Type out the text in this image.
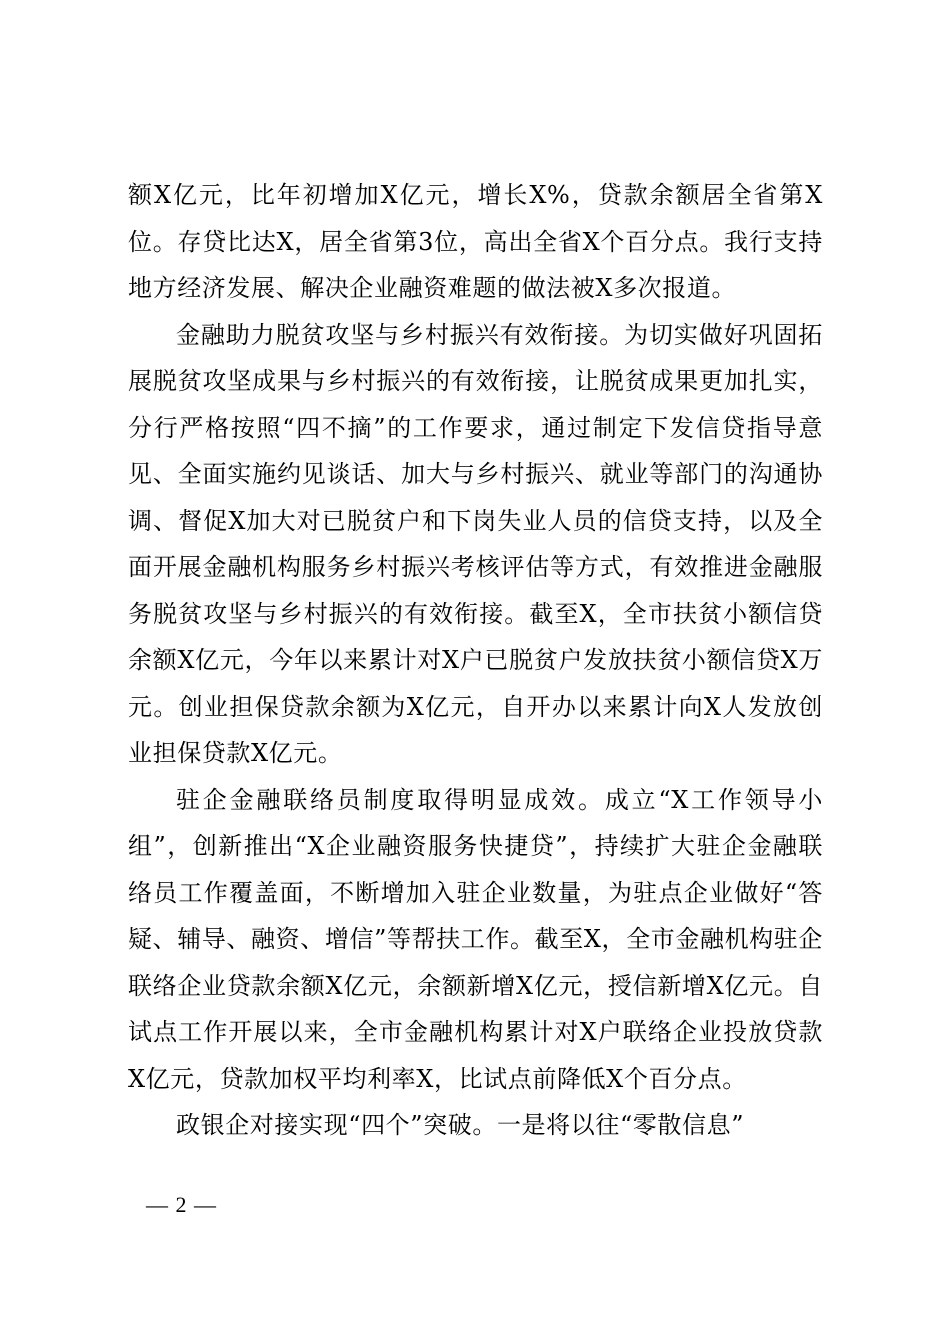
额X亿元，比年初增加X亿元，增长X%，贷款余额居全省第X位。存贷比达X，居全省第3位，高出全省X个百分点。我行支持地方经济发展、解决企业融资难题的做法被X多次报道。

金融助力脱贫攻坚与乡村振兴有效衔接。为切实做好巩固拓展脱贫攻坚成果与乡村振兴的有效衔接，让脱贫成果更加扎实，分行严格按照“四不摘”的工作要求，通过制定下发信贷指导意见、全面实施约见谈话、加大与乡村振兴、就业等部门的沟通协调、督促X加大对已脱贫户和下岗失业人员的信贷支持，以及全面开展金融机构服务乡村振兴考核评估等方式，有效推进金融服务脱贫攻坚与乡村振兴的有效衔接。截至X，全市扶贫小额信贷余额X亿元，今年以来累计对X户已脱贫户发放扶贫小额信贷X万元。创业担保贷款余额为X亿元，自开办以来累计向X人发放创业担保贷款X亿元。

驻企金融联络员制度取得明显成效。成立“X工作领导小组”，创新推出“X企业融资服务快捷贷”，持续扩大驻企金融联络员工作覆盖面，不断增加入驻企业数量，为驻点企业做好“答疑、辅导、融资、增信”等帮扶工作。截至X，全市金融机构驻企联络企业贷款余额X亿元，余额新增X亿元，授信新增X亿元。自试点工作开展以来，全市金融机构累计对X户联络企业投放贷款X亿元，贷款加权平均利率X，比试点前降低X个百分点。

政银企对接实现“四个”突破。一是将以往“零散信息”

— 2 —
